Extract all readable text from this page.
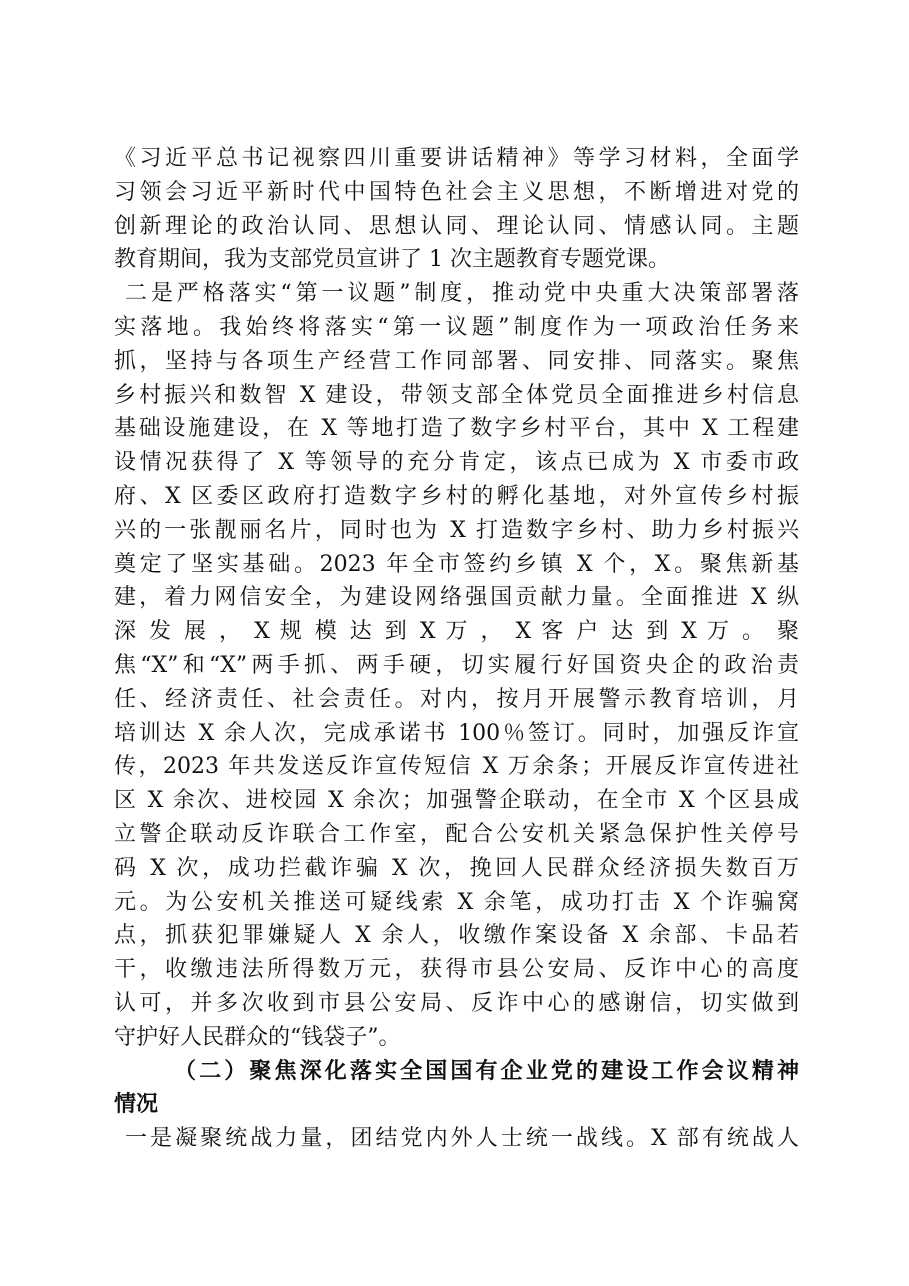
《习近平总书记视察四川重要讲话精神》等学习材料，全面学
习领会习近平新时代中国特色社会主义思想，不断增进对党的
创新理论的政治认同、思想认同、理论认同、情感认同。主题
教育期间，我为支部党员宣讲了 1 次主题教育专题党课。
二是严格落实“第一议题”制度，推动党中央重大决策部署落
实落地。我始终将落实“第一议题”制度作为一项政治任务来
抓，坚持与各项生产经营工作同部署、同安排、同落实。聚焦
乡村振兴和数智 X 建设，带领支部全体党员全面推进乡村信息
基础设施建设，在 X 等地打造了数字乡村平台，其中 X 工程建
设情况获得了 X 等领导的充分肯定，该点已成为 X 市委市政
府、X 区委区政府打造数字乡村的孵化基地，对外宣传乡村振
兴的一张靓丽名片，同时也为 X 打造数字乡村、助力乡村振兴
奠定了坚实基础。2023 年全市签约乡镇 X 个，X。聚焦新基
建，着力网信安全，为建设网络强国贡献力量。全面推进 X 纵
深 发 展 ， X 规 模 达 到 X 万 ， X 客 户 达 到 X 万 。 聚
焦“X”和“X”两手抓、两手硬，切实履行好国资央企的政治责
任、经济责任、社会责任。对内，按月开展警示教育培训，月
培训达 X 余人次，完成承诺书 100％签订。同时，加强反诈宣
传，2023 年共发送反诈宣传短信 X 万余条；开展反诈宣传进社
区 X 余次、进校园 X 余次；加强警企联动，在全市 X 个区县成
立警企联动反诈联合工作室，配合公安机关紧急保护性关停号
码 X 次，成功拦截诈骗 X 次，挽回人民群众经济损失数百万
元。为公安机关推送可疑线索 X 余笔，成功打击 X 个诈骗窝
点，抓获犯罪嫌疑人 X 余人，收缴作案设备 X 余部、卡品若
干，收缴违法所得数万元，获得市县公安局、反诈中心的高度
认可，并多次收到市县公安局、反诈中心的感谢信，切实做到
守护好人民群众的“钱袋子”。
（二）聚焦深化落实全国国有企业党的建设工作会议精神
情况
一是凝聚统战力量，团结党内外人士统一战线。X 部有统战人
